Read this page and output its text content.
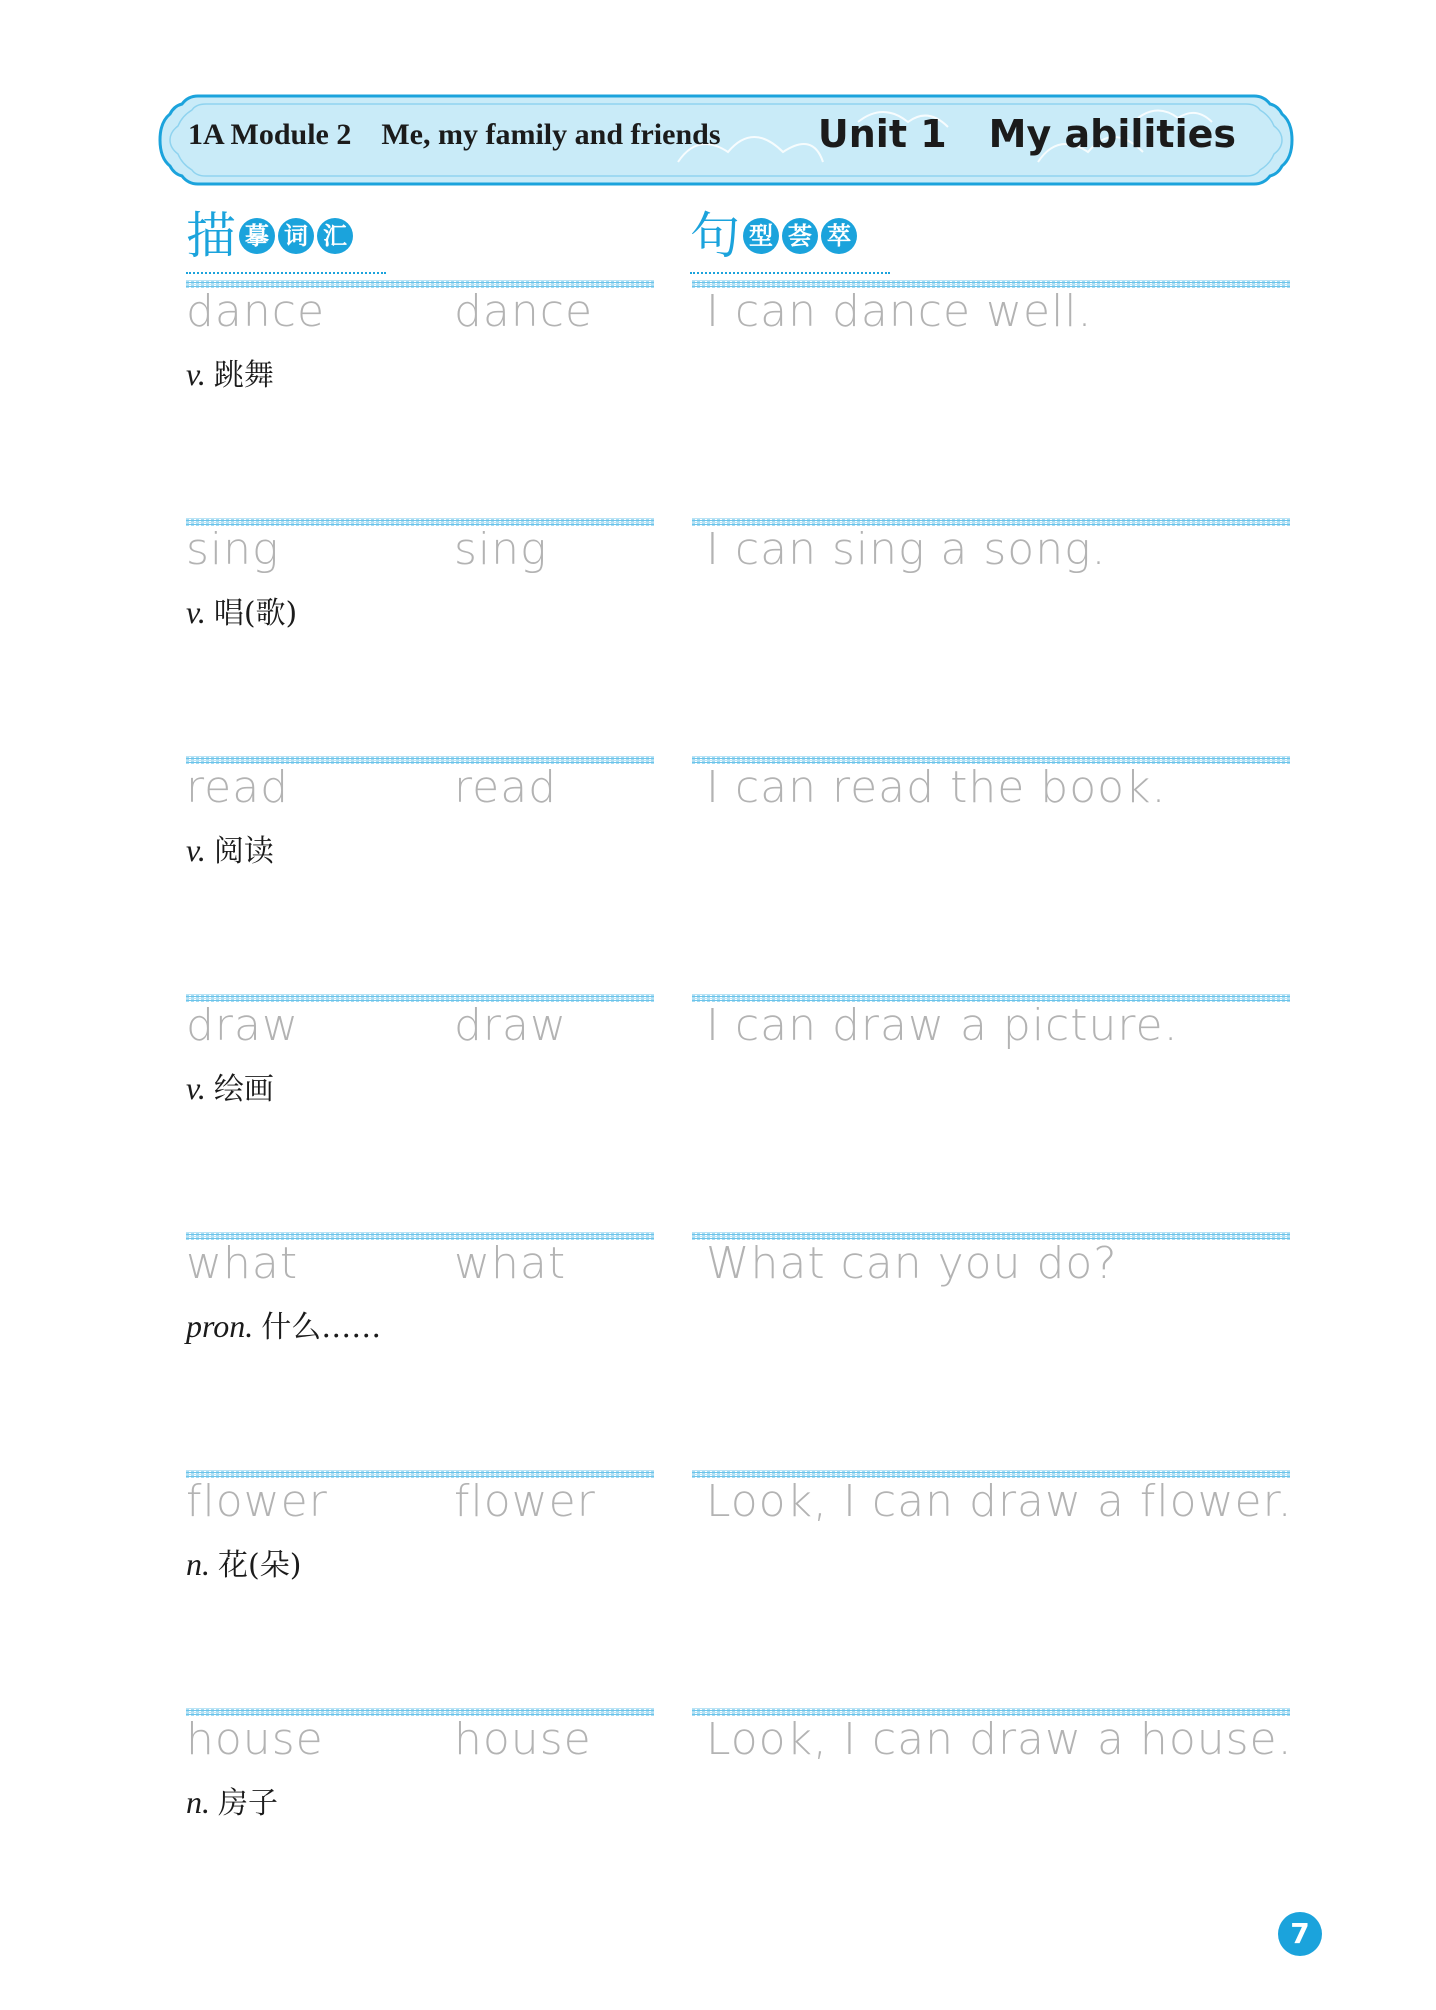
1A Module 2 Me, my family and friends	Unit 1 My abilities
描 摹 词 汇	句 型 荟 萃
dance	dance
v. 跳舞
I can dance well.
sing	sing
v. 唱(歌)
I can sing a song.
read	read
v. 阅读
I can read the book.
draw	draw
v. 绘画
I can draw a picture.
what	what
pron. 什么……
What can you do?
flower	flower
n. 花(朵)
Look, I can draw a flower.
house	house
n. 房子
Look, I can draw a house.
7
